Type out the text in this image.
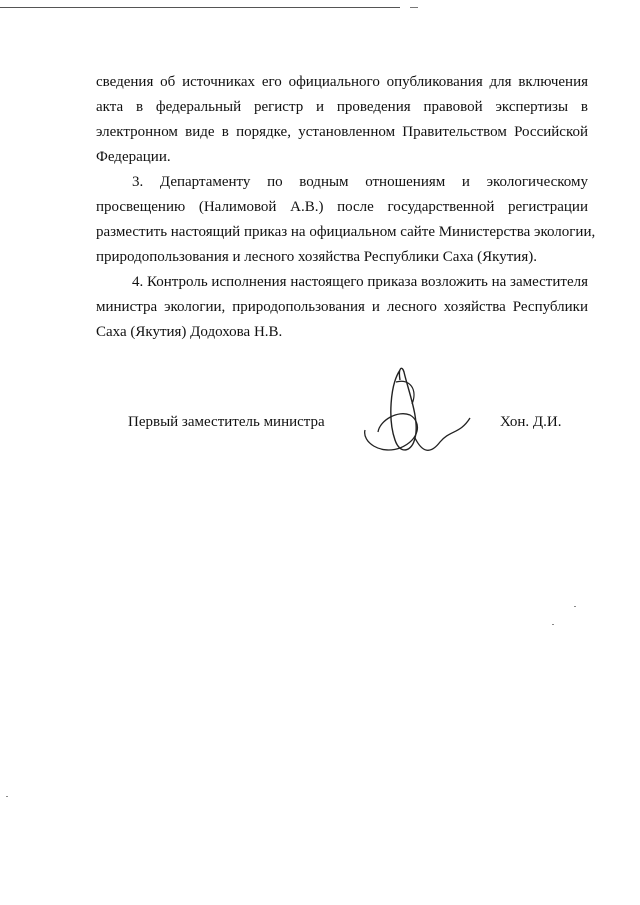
сведения об источниках его официального опубликования для включения
акта в федеральный регистр и проведения правовой экспертизы в
электронном виде в порядке, установленном Правительством Российской
Федерации.
3. Департаменту по водным отношениям и экологическому
просвещению (Налимовой А.В.) после государственной регистрации
разместить настоящий приказ на официальном сайте Министерства экологии,
природопользования и лесного хозяйства Республики Саха (Якутия).
4. Контроль исполнения настоящего приказа возложить на заместителя
министра экологии, природопользования и лесного хозяйства Республики
Саха (Якутия) Додохова Н.В.
Первый заместитель министра	Хон. Д.И.
